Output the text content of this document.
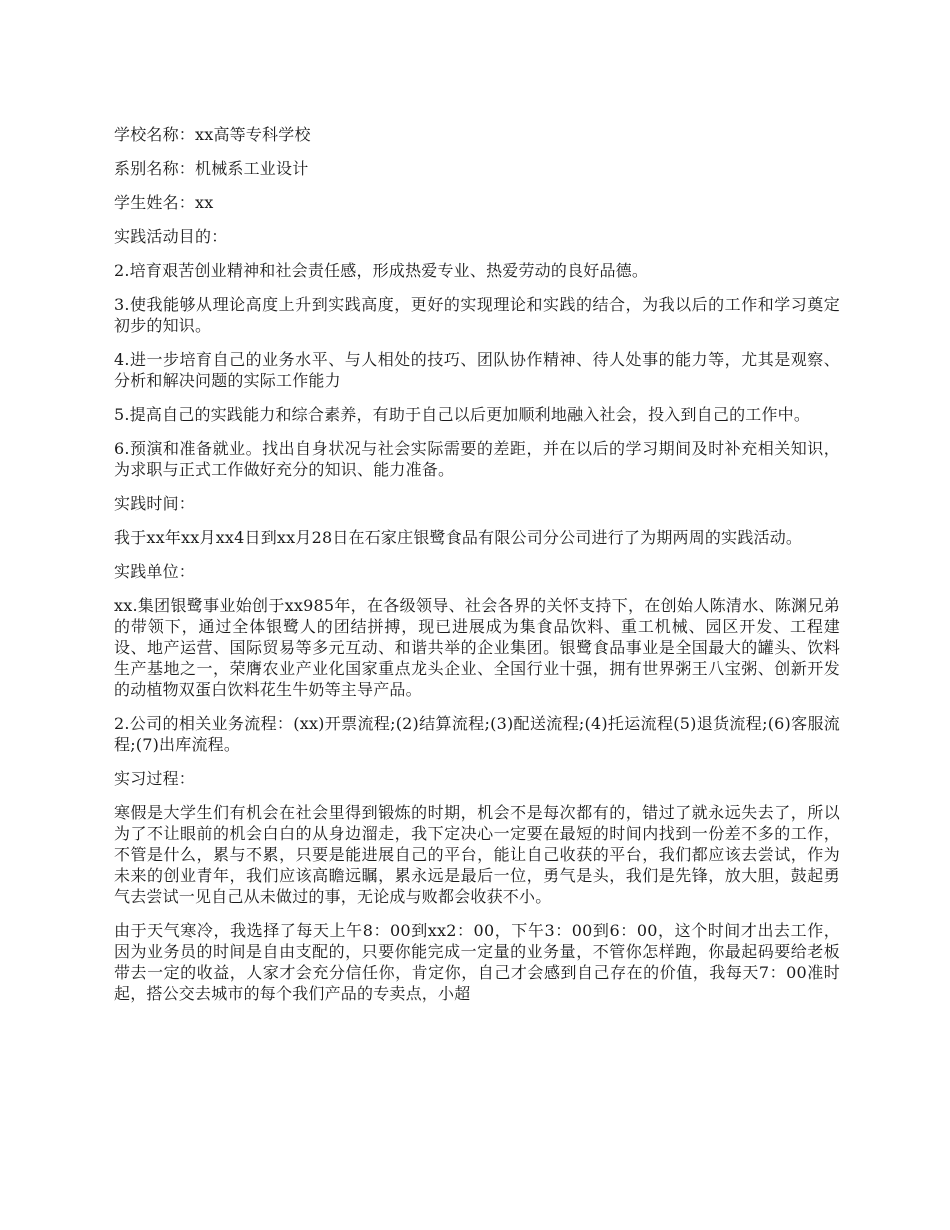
学校名称：xx高等专科学校

系别名称：机械系工业设计

学生姓名：xx

实践活动目的：

2.培育艰苦创业精神和社会责任感，形成热爱专业、热爱劳动的良好品德。

3.使我能够从理论高度上升到实践高度，更好的实现理论和实践的结合，为我以后的工作和学习奠定初步的知识。

4.进一步培育自己的业务水平、与人相处的技巧、团队协作精神、待人处事的能力等，尤其是观察、分析和解决问题的实际工作能力

5.提高自己的实践能力和综合素养，有助于自己以后更加顺利地融入社会，投入到自己的工作中。

6.预演和准备就业。找出自身状况与社会实际需要的差距，并在以后的学习期间及时补充相关知识，为求职与正式工作做好充分的知识、能力准备。

实践时间：

我于xx年xx月xx4日到xx月28日在石家庄银鹭食品有限公司分公司进行了为期两周的实践活动。

实践单位：

xx.集团银鹭事业始创于xx985年，在各级领导、社会各界的关怀支持下，在创始人陈清水、陈渊兄弟的带领下，通过全体银鹭人的团结拼搏，现已进展成为集食品饮料、重工机械、园区开发、工程建设、地产运营、国际贸易等多元互动、和谐共举的企业集团。银鹭食品事业是全国最大的罐头、饮料生产基地之一，荣膺农业产业化国家重点龙头企业、全国行业十强，拥有世界粥王八宝粥、创新开发的动植物双蛋白饮料花生牛奶等主导产品。

2.公司的相关业务流程：(xx)开票流程;(2)结算流程;(3)配送流程;(4)托运流程(5)退货流程;(6)客服流程;(7)出库流程。

实习过程：

寒假是大学生们有机会在社会里得到锻炼的时期，机会不是每次都有的，错过了就永远失去了，所以为了不让眼前的机会白白的从身边溜走，我下定决心一定要在最短的时间内找到一份差不多的工作，不管是什么，累与不累，只要是能进展自己的平台，能让自己收获的平台，我们都应该去尝试，作为未来的创业青年，我们应该高瞻远瞩，累永远是最后一位，勇气是头，我们是先锋，放大胆，鼓起勇气去尝试一见自己从未做过的事，无论成与败都会收获不小。

由于天气寒冷，我选择了每天上午8：00到xx2：00，下午3：00到6：00，这个时间才出去工作，因为业务员的时间是自由支配的，只要你能完成一定量的业务量，不管你怎样跑，你最起码要给老板带去一定的收益，人家才会充分信任你，肯定你，自己才会感到自己存在的价值，我每天7：00准时起，搭公交去城市的每个我们产品的专卖点，小超
